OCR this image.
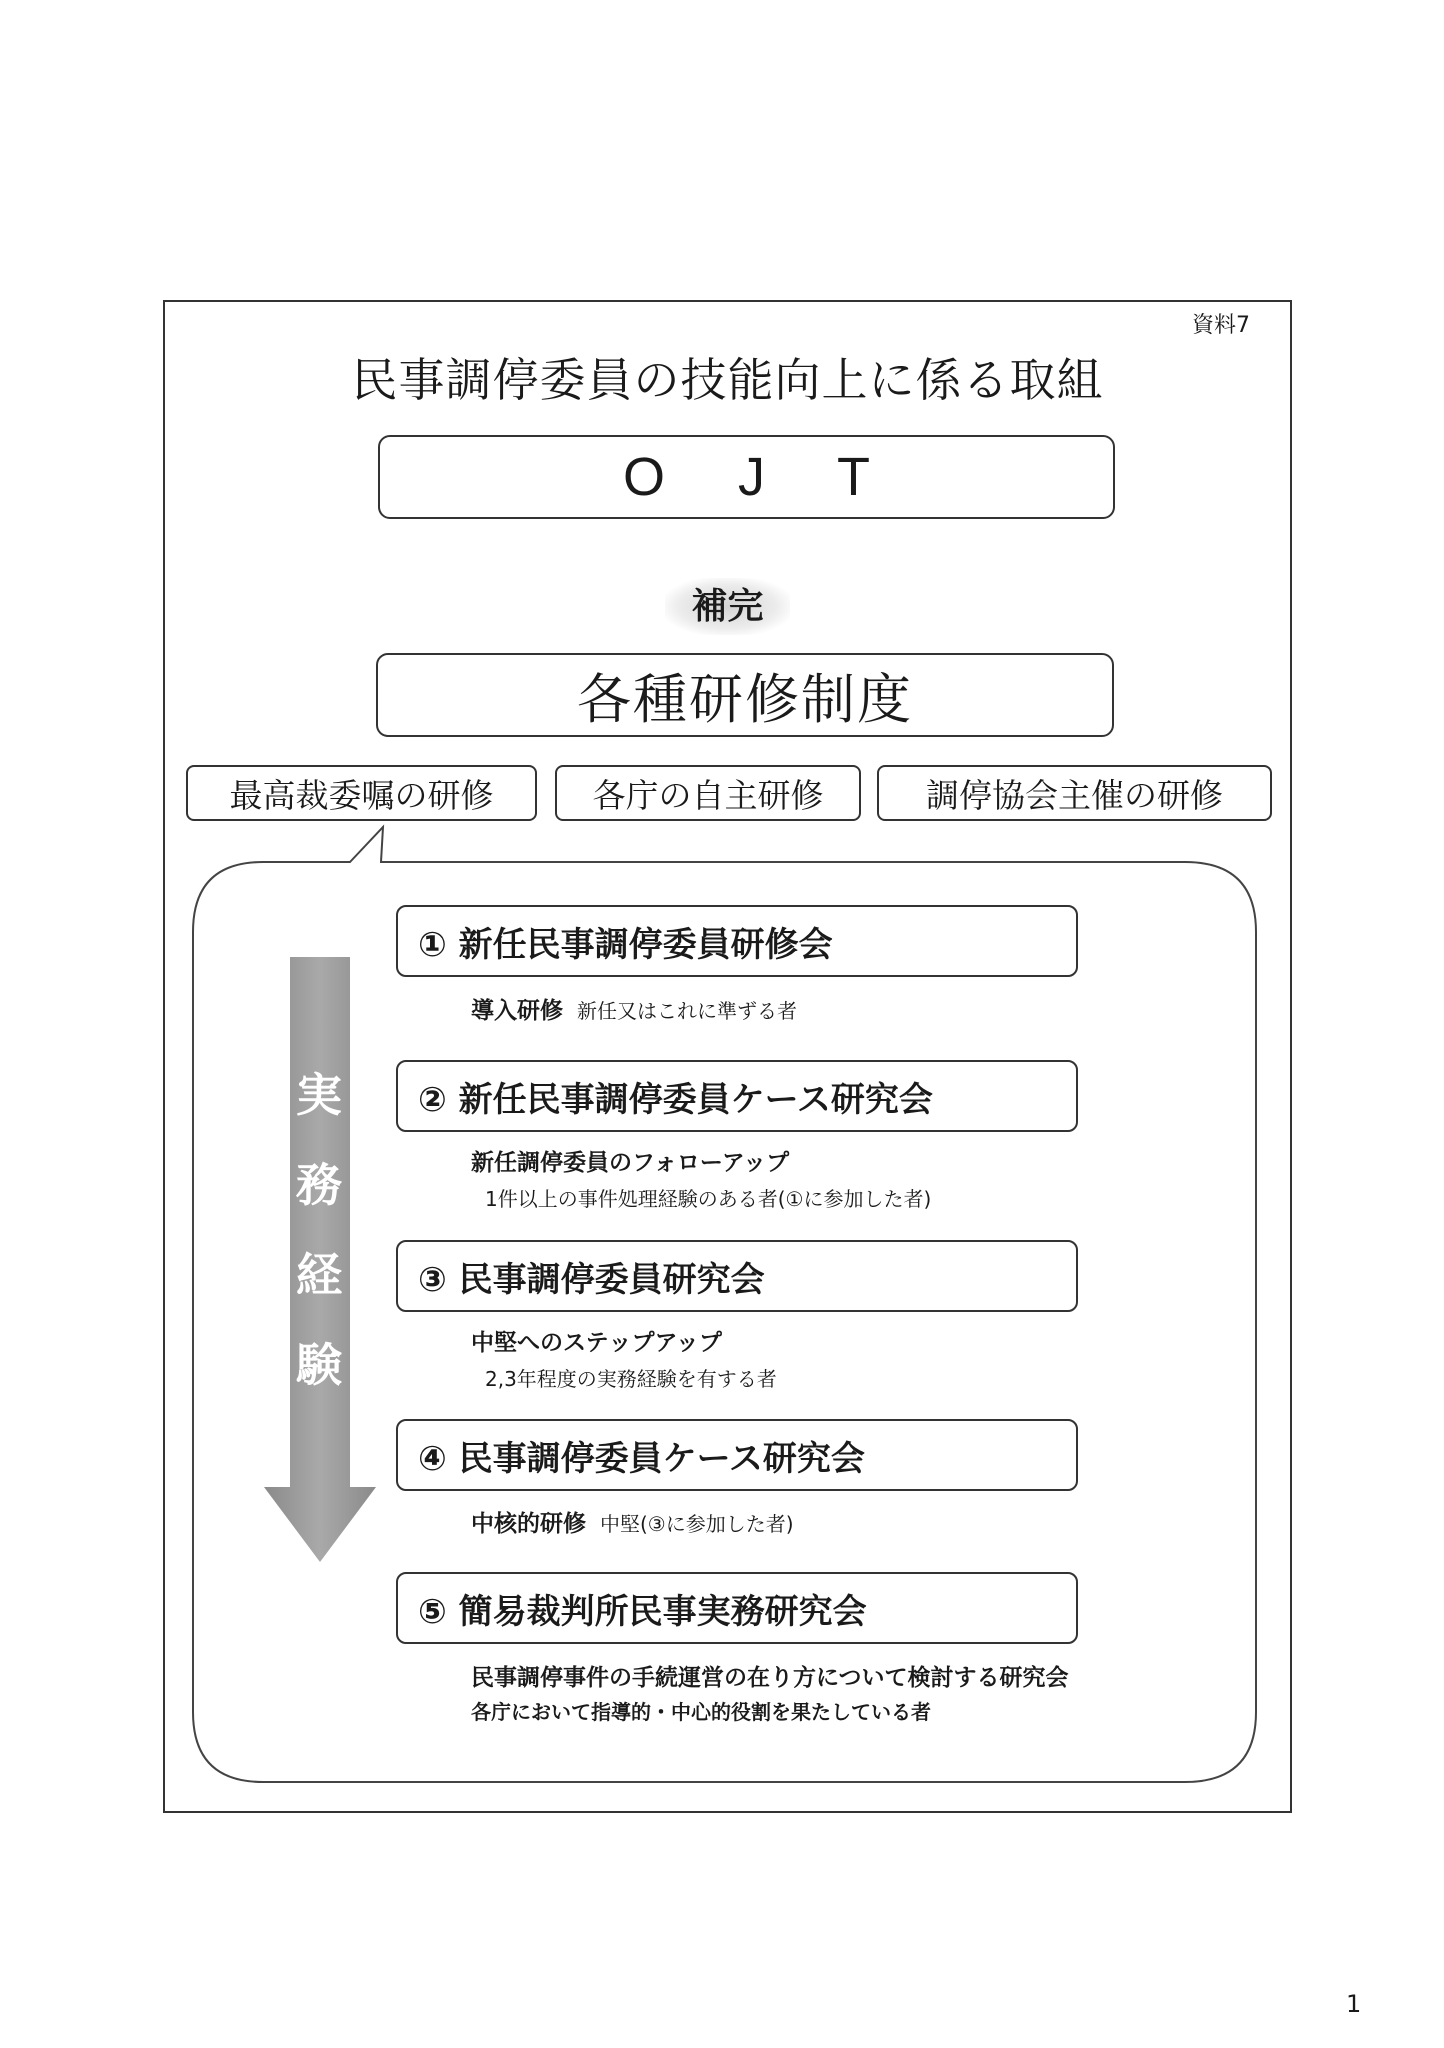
資料7
民事調停委員の技能向上に係る取組
O J T
補完
各種研修制度
最高裁委嘱の研修	各庁の自主研修	調停協会主催の研修
実
務
経
験
① 新任民事調停委員研修会
導入研修 新任又はこれに準ずる者
② 新任民事調停委員ケース研究会
新任調停委員のフォローアップ
1件以上の事件処理経験のある者(①に参加した者)
③ 民事調停委員研究会
中堅へのステップアップ
2,3年程度の実務経験を有する者
④ 民事調停委員ケース研究会
中核的研修 中堅(③に参加した者)
⑤ 簡易裁判所民事実務研究会
民事調停事件の手続運営の在り方について検討する研究会
各庁において指導的・中心的役割を果たしている者
1
